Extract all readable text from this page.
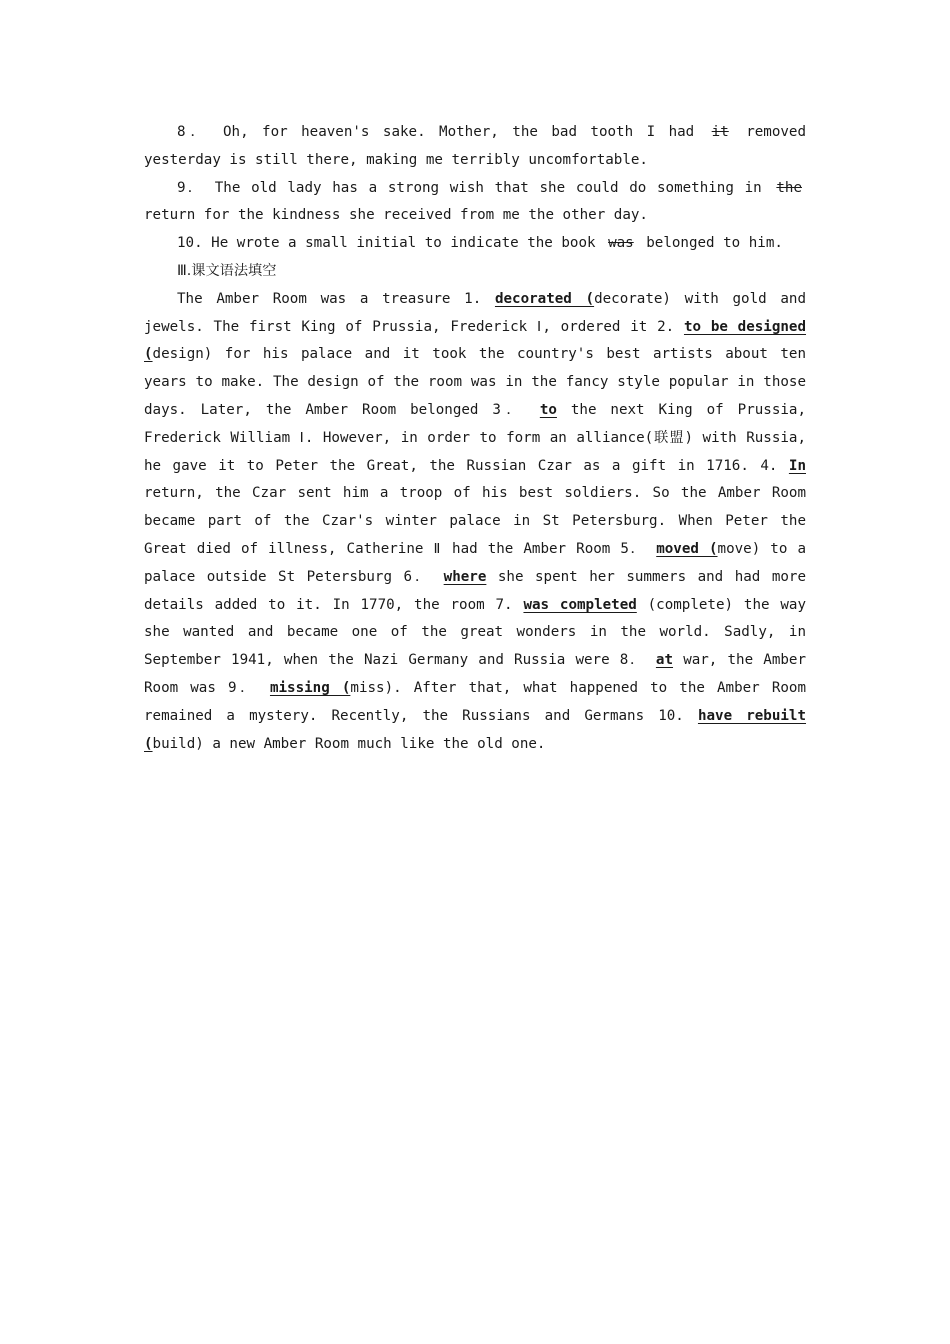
8． Oh, for heaven's sake. Mother, the bad tooth I had it removed yesterday is still there, making me terribly uncomfortable.

9． The old lady has a strong wish that she could do something in the return for the kindness she received from me the other day.

10. He wrote a small initial to indicate the book was belonged to him.

Ⅲ.课文语法填空

The Amber Room was a treasure 1. decorated (decorate) with gold and jewels. The first King of Prussia, Frederick Ⅰ, ordered it 2. to be designed (design) for his palace and it took the country's best artists about ten years to make. The design of the room was in the fancy style popular in those days. Later, the Amber Room belonged 3． to the next King of Prussia, Frederick William Ⅰ. However, in order to form an alliance(联盟) with Russia, he gave it to Peter the Great, the Russian Czar as a gift in 1716. 4. In return, the Czar sent him a troop of his best soldiers. So the Amber Room became part of the Czar's winter palace in St Petersburg. When Peter the Great died of illness, Catherine Ⅱ had the Amber Room 5． moved (move) to a palace outside St Petersburg 6． where she spent her summers and had more details added to it. In 1770, the room 7. was completed (complete) the way she wanted and became one of the great wonders in the world. Sadly, in September 1941, when the Nazi Germany and Russia were 8． at war, the Amber Room was 9． missing (miss). After that, what happened to the Amber Room remained a mystery. Recently, the Russians and Germans 10. have rebuilt (build) a new Amber Room much like the old one.
